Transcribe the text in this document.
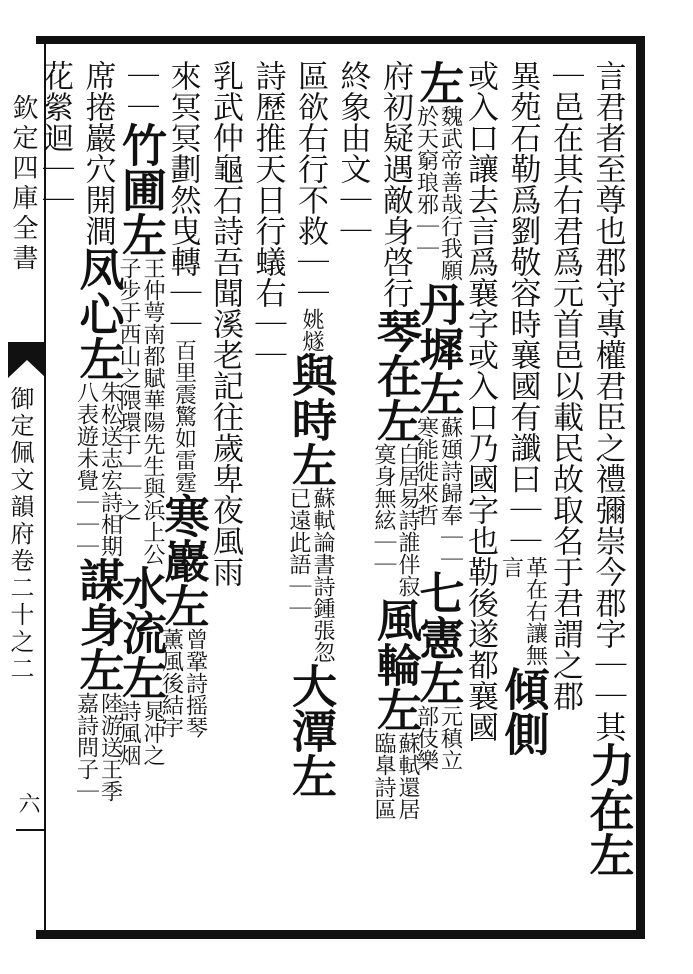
欽定四庫全書
御定佩文韻府卷二十之二
六
言君者至尊也郡守專權君臣之禮彌崇今郡字
｜｜其
力在左
｜邑在其右君爲元首邑以載民故取名于君謂之郡
異苑石勒爲劉敬容時襄國有讖曰｜｜
革在右讓無
言
傾側
或入口讓去言爲襄字或入口乃國字也勒後遂都襄國
左
魏武帝善哉行我願
於天窮琅邪｜｜
丹墀左
蘇頲詩歸奉｜｜
寒能徙來哲
七憲左
元稹立
部伎樂
府初疑遇敵身啓行
琴在左
白居易詩誰伴寂
寞身無絃｜｜
風輪左
蘇軾還居
臨臯詩區
終象由文｜｜
區欲右行不救｜｜
姚燧
與時左
蘇軾論書詩鍾張忽
已遠此語｜｜
大潭左
詩歷推天日行蟻右｜｜
乳武仲龜石詩吾聞溪老記往歲卑夜風雨
來冥冥劃然曳轉｜｜
百里震驚如雷霆
寒巖左
曾鞏詩摇琴
薰風後結宇
｜｜
竹圃左
王仲萼南都賦華陽先生與浜上公
子步于西山之隈環于｜｜之
水流左
晁冲之
詩風烟
席捲巖穴開澗
凤心左
朱松送志宏詩相期
八表遊未覺｜｜｜
謀身左
陸游送王季
嘉詩問子｜
花縈迴｜｜
